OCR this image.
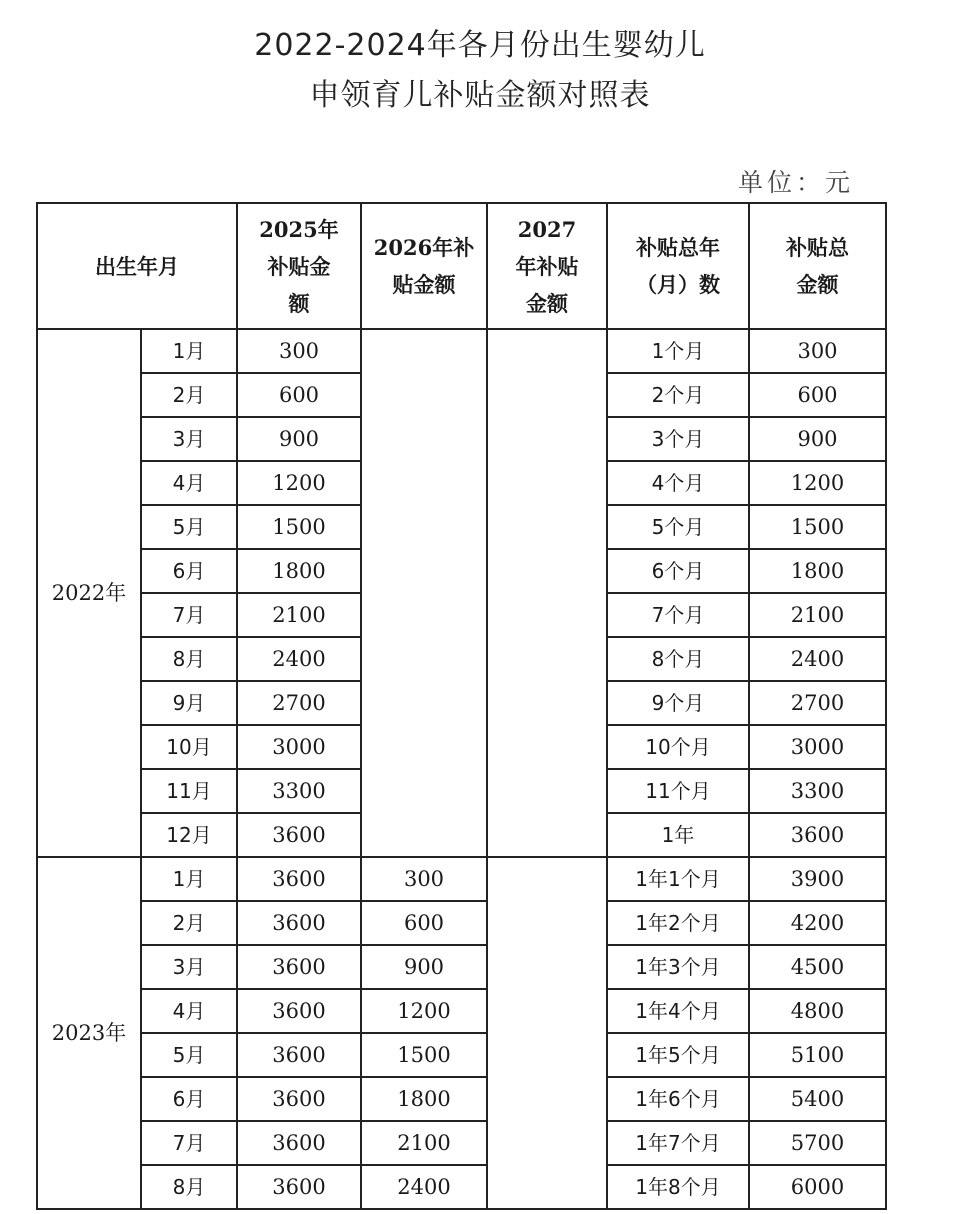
2022-2024年各月份出生婴幼儿
申领育儿补贴金额对照表
单位：元
出生年月		2025年补贴金额	2026年补贴金额	2027年补贴金额	补贴总年（月）数	补贴总金额
2022年	1月	300			1个月	300
	2月	600			2个月	600
	3月	900			3个月	900
	4月	1200			4个月	1200
	5月	1500			5个月	1500
	6月	1800			6个月	1800
	7月	2100			7个月	2100
	8月	2400			8个月	2400
	9月	2700			9个月	2700
	10月	3000			10个月	3000
	11月	3300			11个月	3300
	12月	3600			1年	3600
2023年	1月	3600	300		1年1个月	3900
	2月	3600	600		1年2个月	4200
	3月	3600	900		1年3个月	4500
	4月	3600	1200		1年4个月	4800
	5月	3600	1500		1年5个月	5100
	6月	3600	1800		1年6个月	5400
	7月	3600	2100		1年7个月	5700
	8月	3600	2400		1年8个月	6000
